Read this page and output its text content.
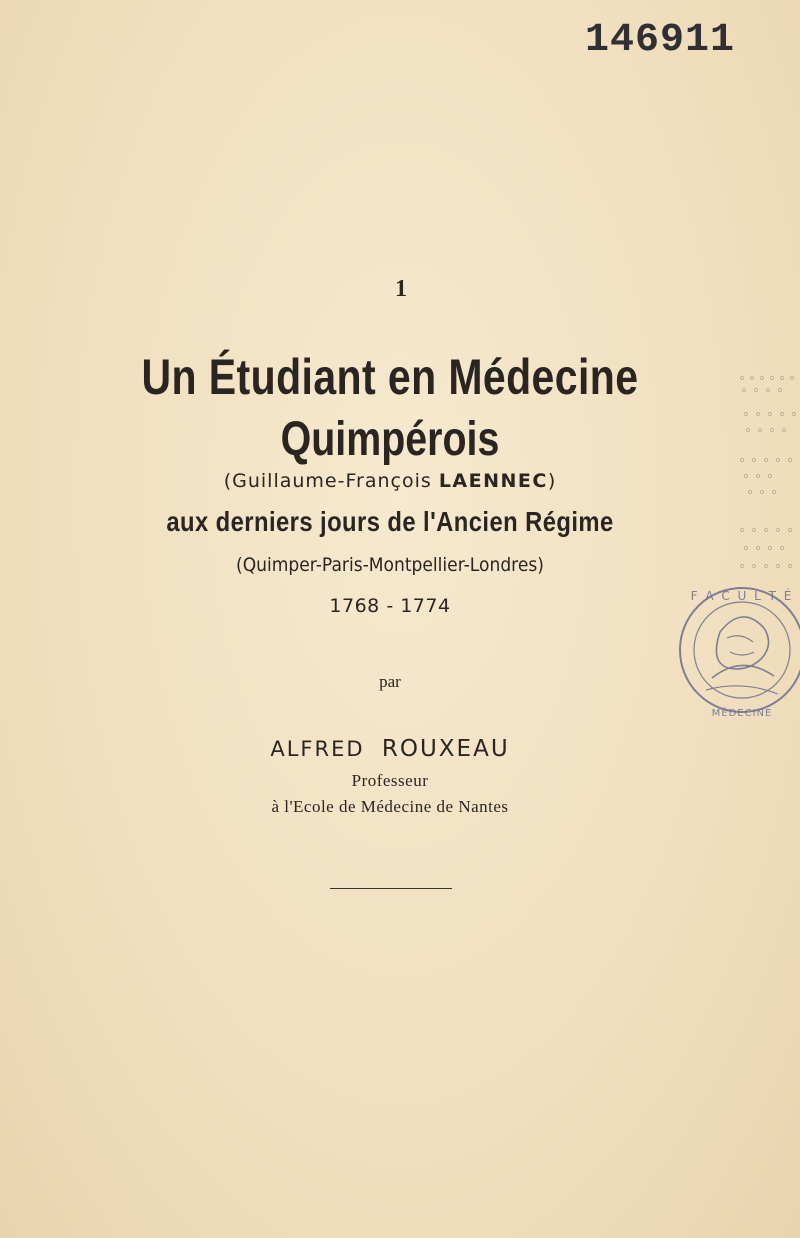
146911
F A C U L T É
MÉDECINE
1
Un Étudiant en Médecine
Quimpérois
(Guillaume-François LAENNEC)
aux derniers jours de l'Ancien Régime
(Quimper-Paris-Montpellier-Londres)
1768 - 1774
par
ALFRED ROUXEAU
Professeur
à l'Ecole de Médecine de Nantes
